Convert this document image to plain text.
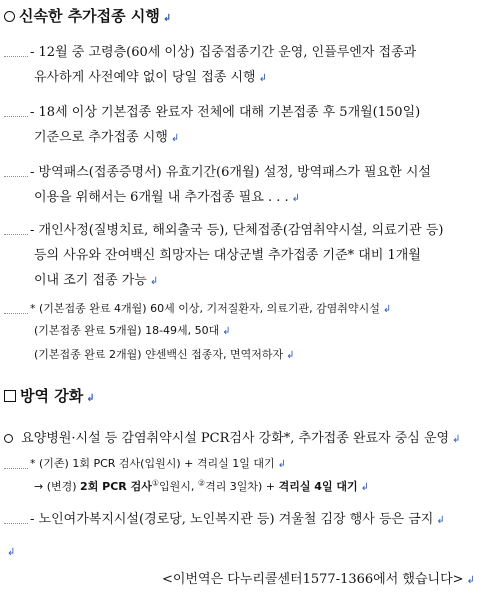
신속한 추가접종 시행 ↲
- 12월 중 고령층(60세 이상) 집중접종기간 운영, 인플루엔자 접종과
유사하게 사전예약 없이 당일 접종 시행 ↲
- 18세 이상 기본접종 완료자 전체에 대해 기본접종 후 5개월(150일)
기준으로 추가접종 시행 ↲
- 방역패스(접종증명서) 유효기간(6개월) 설정, 방역패스가 필요한 시설
이용을 위해서는 6개월 내 추가접종 필요 . . . ↲
- 개인사정(질병치료, 해외출국 등), 단체접종(감염취약시설, 의료기관 등)
등의 사유와 잔여백신 희망자는 대상군별 추가접종 기준* 대비 1개월
이내 조기 접종 가능 ↲
* (기본접종 완료 4개월) 60세 이상, 기저질환자, 의료기관, 감염취약시설 ↲
(기본접종 완료 5개월) 18-49세, 50대 ↲
(기본접종 완료 2개월) 얀센백신 접종자, 면역저하자 ↲
방역 강화 ↲
요양병원·시설 등 감염취약시설 PCR검사 강화*, 추가접종 완료자 중심 운영 ↲
* (기존) 1회 PCR 검사(입원시) + 격리실 1일 대기 ↲
→ (변경) 2회 PCR 검사①입원시, ②격리 3일차) + 격리실 4일 대기 ↲
- 노인여가복지시설(경로당, 노인복지관 등) 겨울철 김장 행사 등은 금지 ↲
↲
<이번역은 다누리콜센터1577-1366에서 했습니다> ↲
